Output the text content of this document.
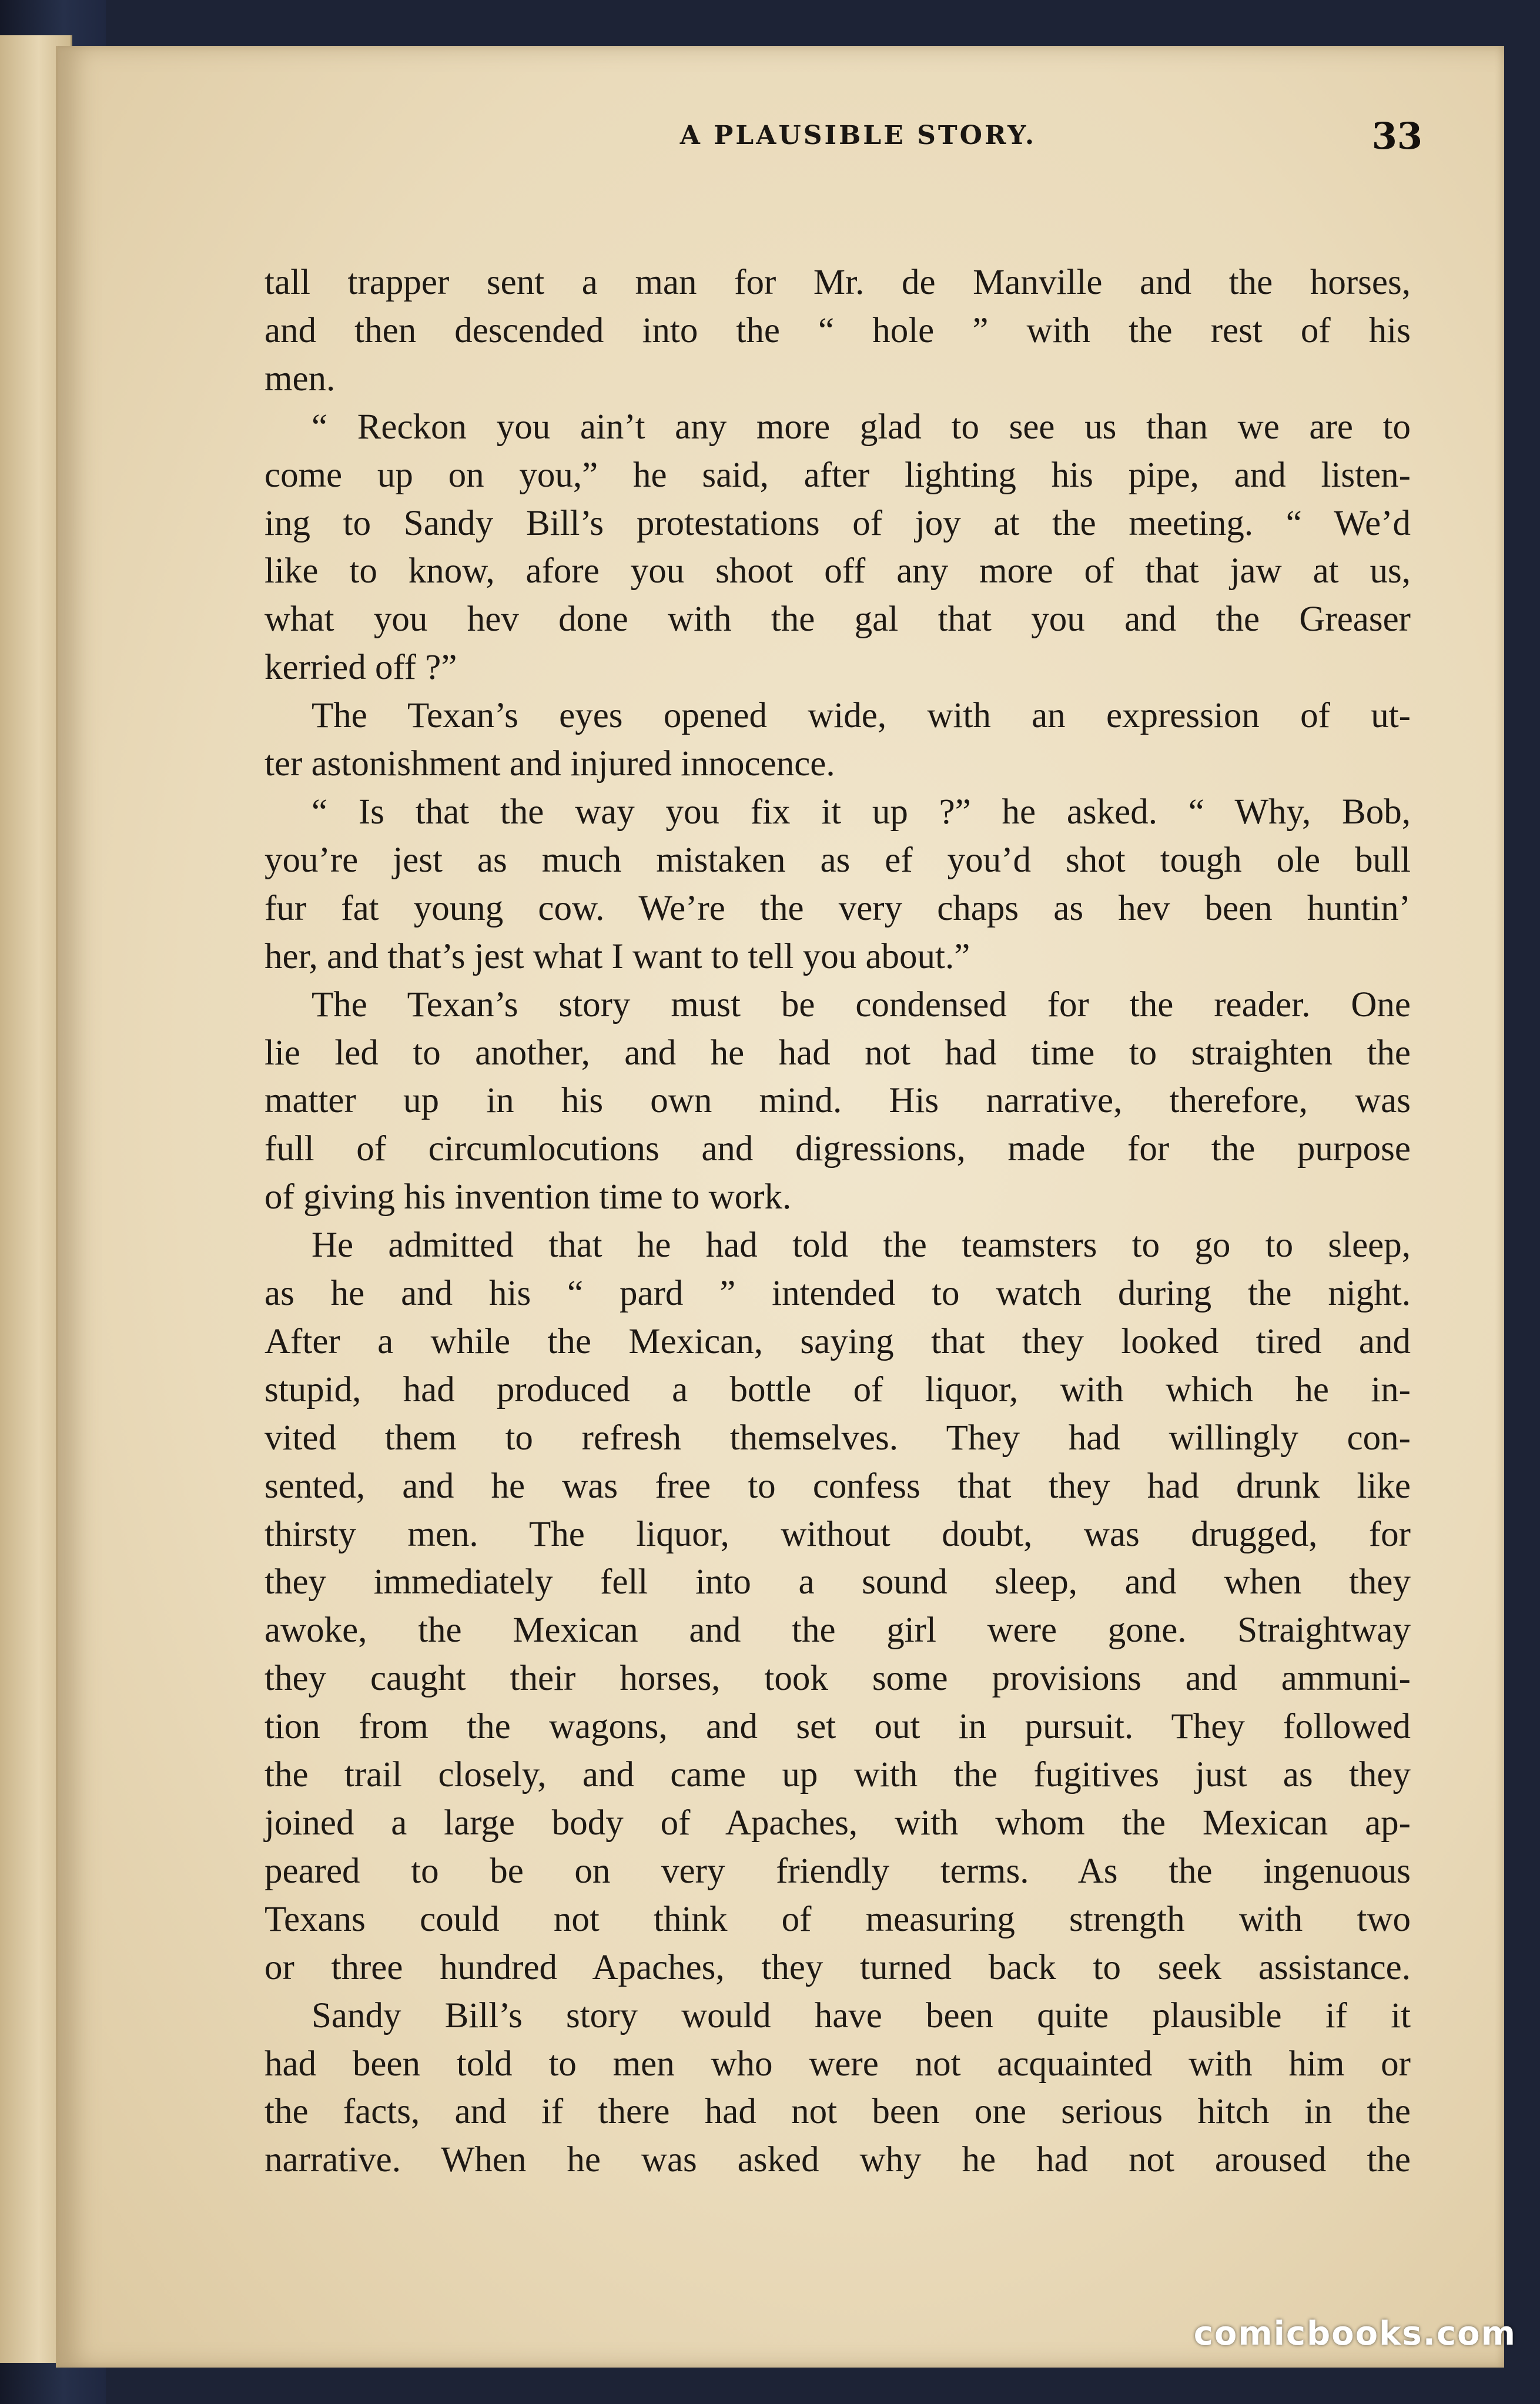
A PLAUSIBLE STORY.	33
tall trapper sent a man for Mr. de Manville and the horses,
and then descended into the “ hole ” with the rest of his
men.
“ Reckon you ain’t any more glad to see us than we are to
come up on you,” he said, after lighting his pipe, and listen-
ing to Sandy Bill’s protestations of joy at the meeting. “ We’d
like to know, afore you shoot off any more of that jaw at us,
what you hev done with the gal that you and the Greaser
kerried off ?”
The Texan’s eyes opened wide, with an expression of ut-
ter astonishment and injured innocence.
“ Is that the way you fix it up ?” he asked. “ Why, Bob,
you’re jest as much mistaken as ef you’d shot tough ole bull
fur fat young cow. We’re the very chaps as hev been huntin’
her, and that’s jest what I want to tell you about.”
The Texan’s story must be condensed for the reader. One
lie led to another, and he had not had time to straighten the
matter up in his own mind. His narrative, therefore, was
full of circumlocutions and digressions, made for the purpose
of giving his invention time to work.
He admitted that he had told the teamsters to go to sleep,
as he and his “ pard ” intended to watch during the night.
After a while the Mexican, saying that they looked tired and
stupid, had produced a bottle of liquor, with which he in-
vited them to refresh themselves. They had willingly con-
sented, and he was free to confess that they had drunk like
thirsty men. The liquor, without doubt, was drugged, for
they immediately fell into a sound sleep, and when they
awoke, the Mexican and the girl were gone. Straightway
they caught their horses, took some provisions and ammuni-
tion from the wagons, and set out in pursuit. They followed
the trail closely, and came up with the fugitives just as they
joined a large body of Apaches, with whom the Mexican ap-
peared to be on very friendly terms. As the ingenuous
Texans could not think of measuring strength with two
or three hundred Apaches, they turned back to seek assistance.
Sandy Bill’s story would have been quite plausible if it
had been told to men who were not acquainted with him or
the facts, and if there had not been one serious hitch in the
narrative. When he was asked why he had not aroused the
comicbooks.com
